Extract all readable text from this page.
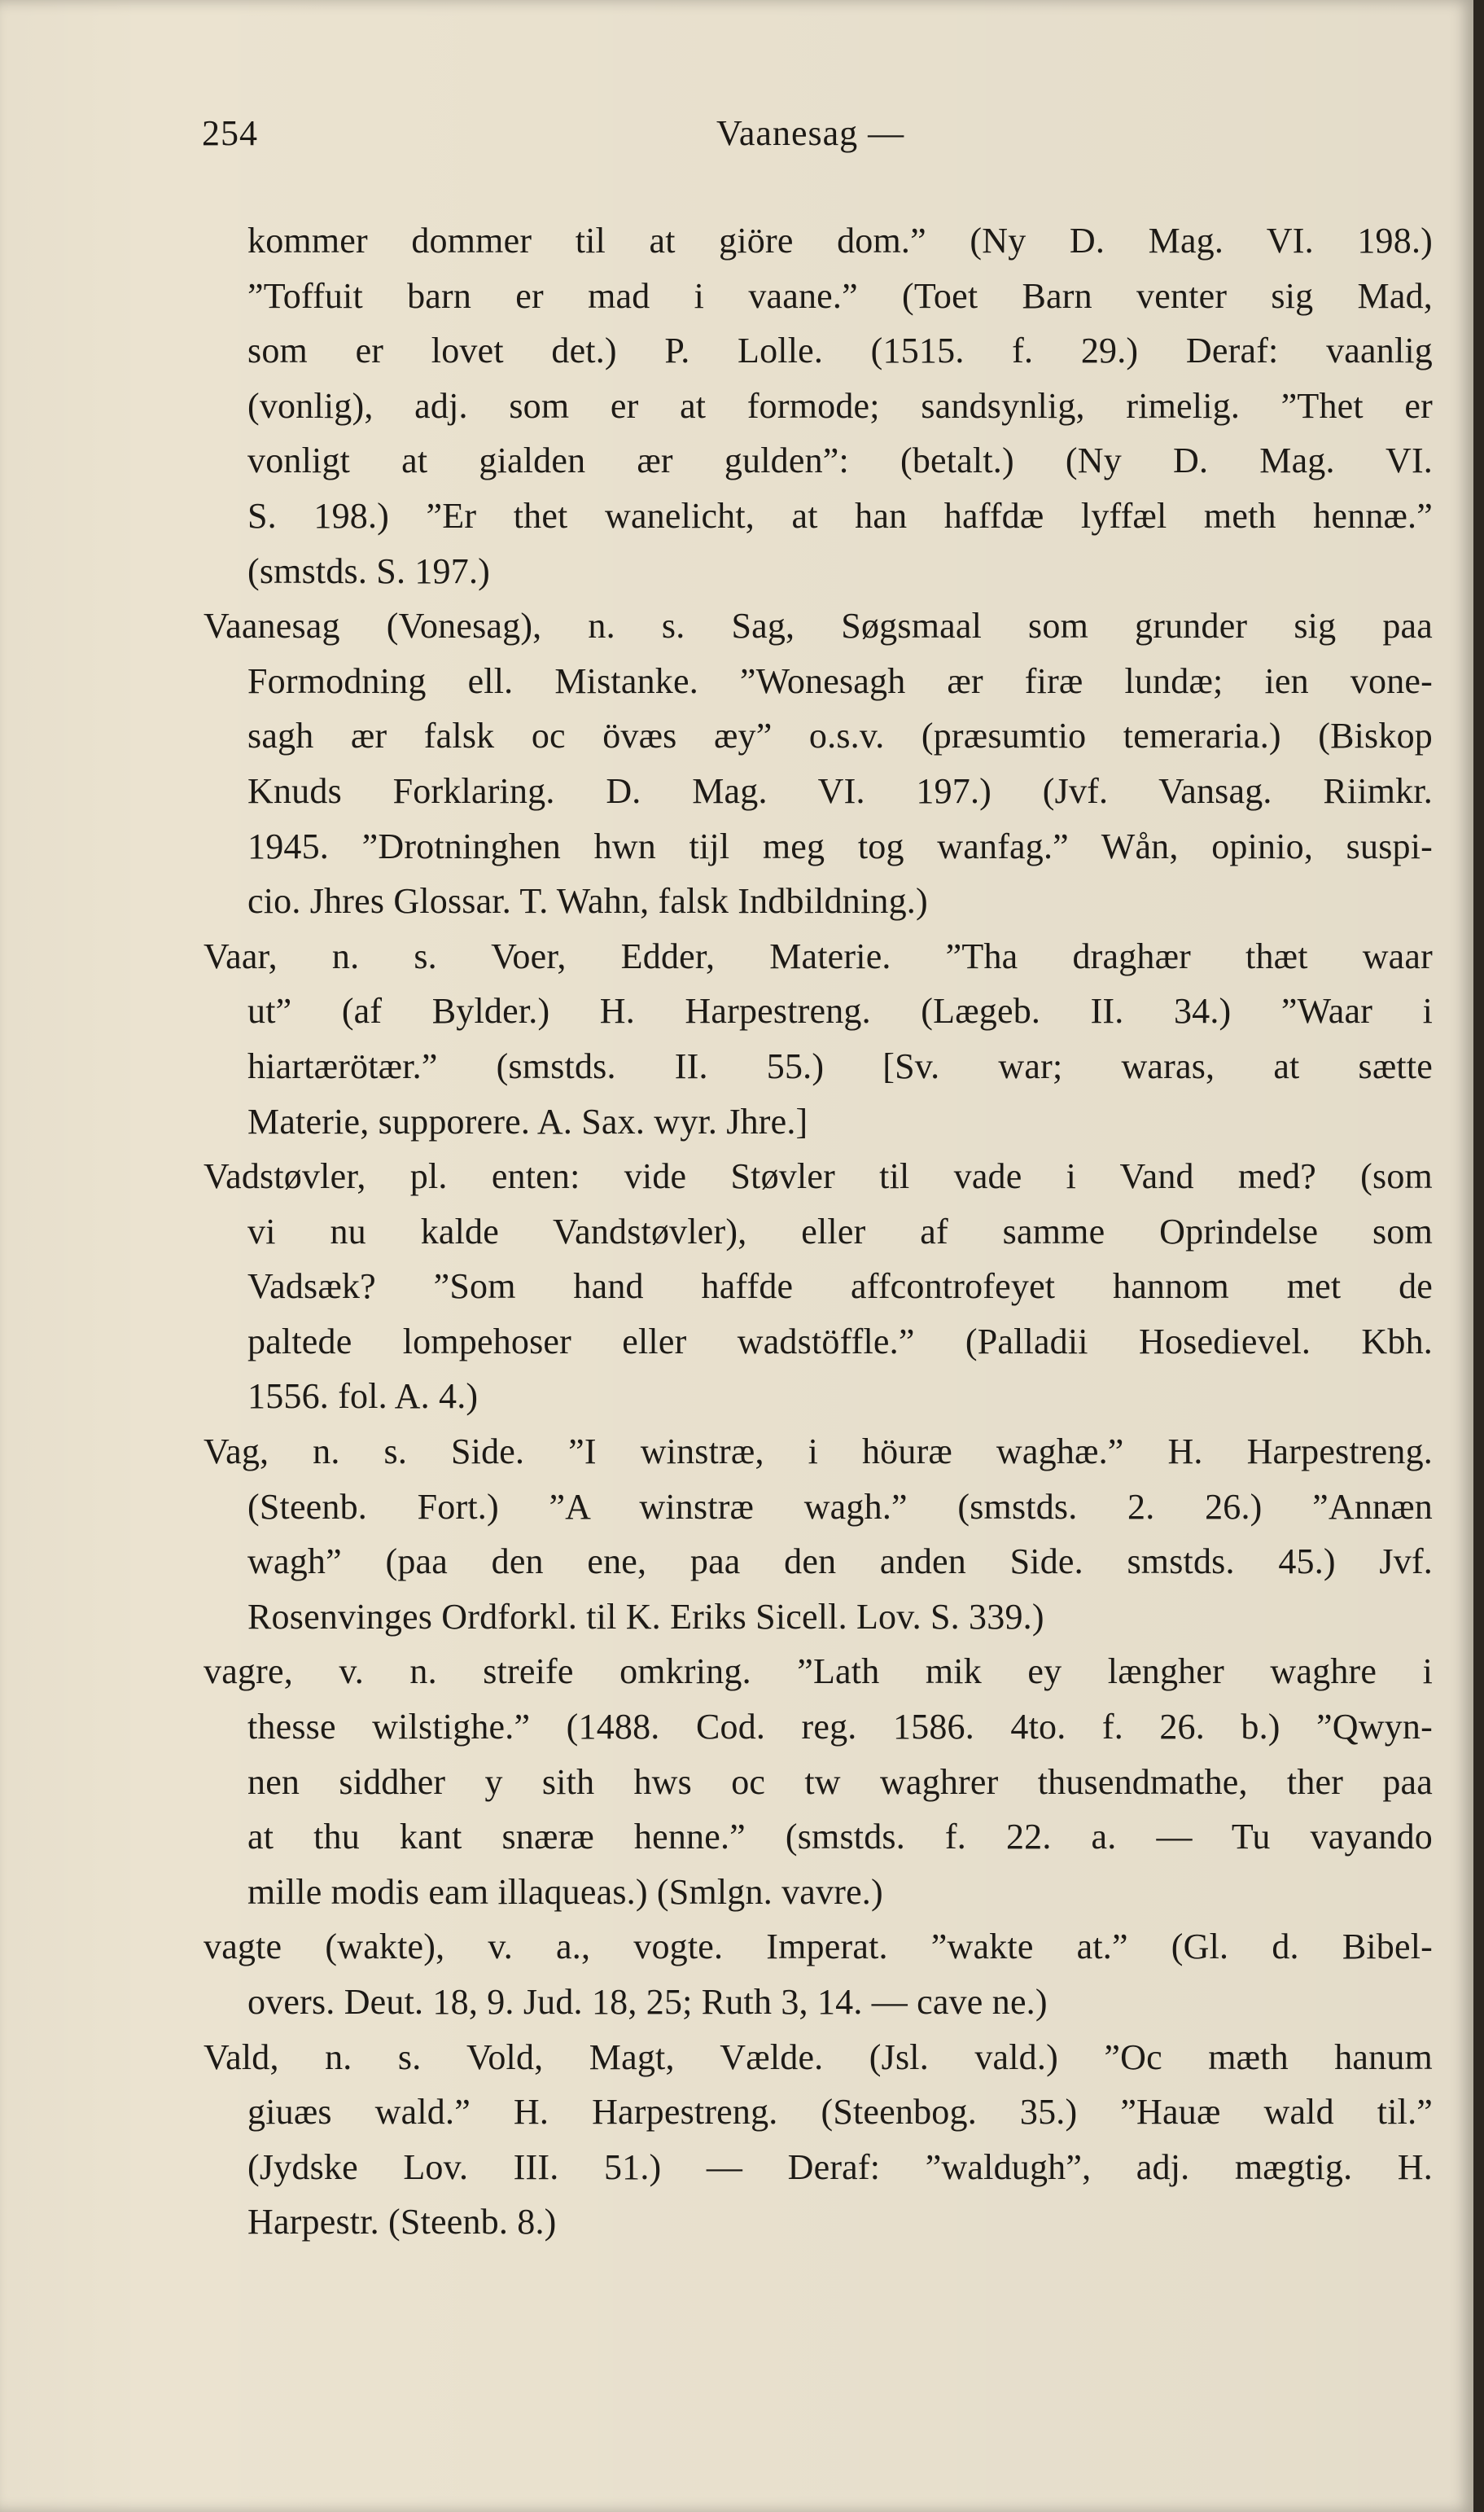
254	Vaanesag —
kommer dommer til at giöre dom.” (Ny D. Mag. VI. 198.)
”Toffuit barn er mad i vaane.” (Toet Barn venter sig Mad,
som er lovet det.) P. Lolle. (1515. f. 29.) Deraf: vaanlig
(vonlig), adj. som er at formode; sandsynlig, rimelig. ”Thet er
vonligt at gialden ær gulden”: (betalt.) (Ny D. Mag. VI.
S. 198.) ”Er thet wanelicht, at han haffdæ lyffæl meth hennæ.”
(smstds. S. 197.)
Vaanesag (Vonesag), n. s. Sag, Søgsmaal som grunder sig paa
Formodning ell. Mistanke. ”Wonesagh ær firæ lundæ; ien vone-
sagh ær falsk oc övæs æy” o.s.v. (præsumtio temeraria.) (Biskop
Knuds Forklaring. D. Mag. VI. 197.) (Jvf. Vansag. Riimkr.
1945. ”Drotninghen hwn tijl meg tog wanfag.” Wån, opinio, suspi-
cio. Jhres Glossar. T. Wahn, falsk Indbildning.)
Vaar, n. s. Voer, Edder, Materie. ”Tha draghær thæt waar
ut” (af Bylder.) H. Harpestreng. (Lægeb. II. 34.) ”Waar i
hiartærötær.” (smstds. II. 55.) [Sv. war; waras, at sætte
Materie, supporere. A. Sax. wyr. Jhre.]
Vadstøvler, pl. enten: vide Støvler til vade i Vand med? (som
vi nu kalde Vandstøvler), eller af samme Oprindelse som
Vadsæk? ”Som hand haffde affcontrofeyet hannom met de
paltede lompehoser eller wadstöffle.” (Palladii Hosedievel. Kbh.
1556. fol. A. 4.)
Vag, n. s. Side. ”I winstræ, i höuræ waghæ.” H. Harpestreng.
(Steenb. Fort.) ”A winstræ wagh.” (smstds. 2. 26.) ”Annæn
wagh” (paa den ene, paa den anden Side. smstds. 45.) Jvf.
Rosenvinges Ordforkl. til K. Eriks Sicell. Lov. S. 339.)
vagre, v. n. streife omkring. ”Lath mik ey længher waghre i
thesse wilstighe.” (1488. Cod. reg. 1586. 4to. f. 26. b.) ”Qwyn-
nen siddher y sith hws oc tw waghrer thusendmathe, ther paa
at thu kant snæræ henne.” (smstds. f. 22. a. — Tu vayando
mille modis eam illaqueas.) (Smlgn. vavre.)
vagte (wakte), v. a., vogte. Imperat. ”wakte at.” (Gl. d. Bibel-
overs. Deut. 18, 9. Jud. 18, 25; Ruth 3, 14. — cave ne.)
Vald, n. s. Vold, Magt, Vælde. (Jsl. vald.) ”Oc mæth hanum
giuæs wald.” H. Harpestreng. (Steenbog. 35.) ”Hauæ wald til.”
(Jydske Lov. III. 51.) — Deraf: ”waldugh”, adj. mægtig. H.
Harpestr. (Steenb. 8.)
